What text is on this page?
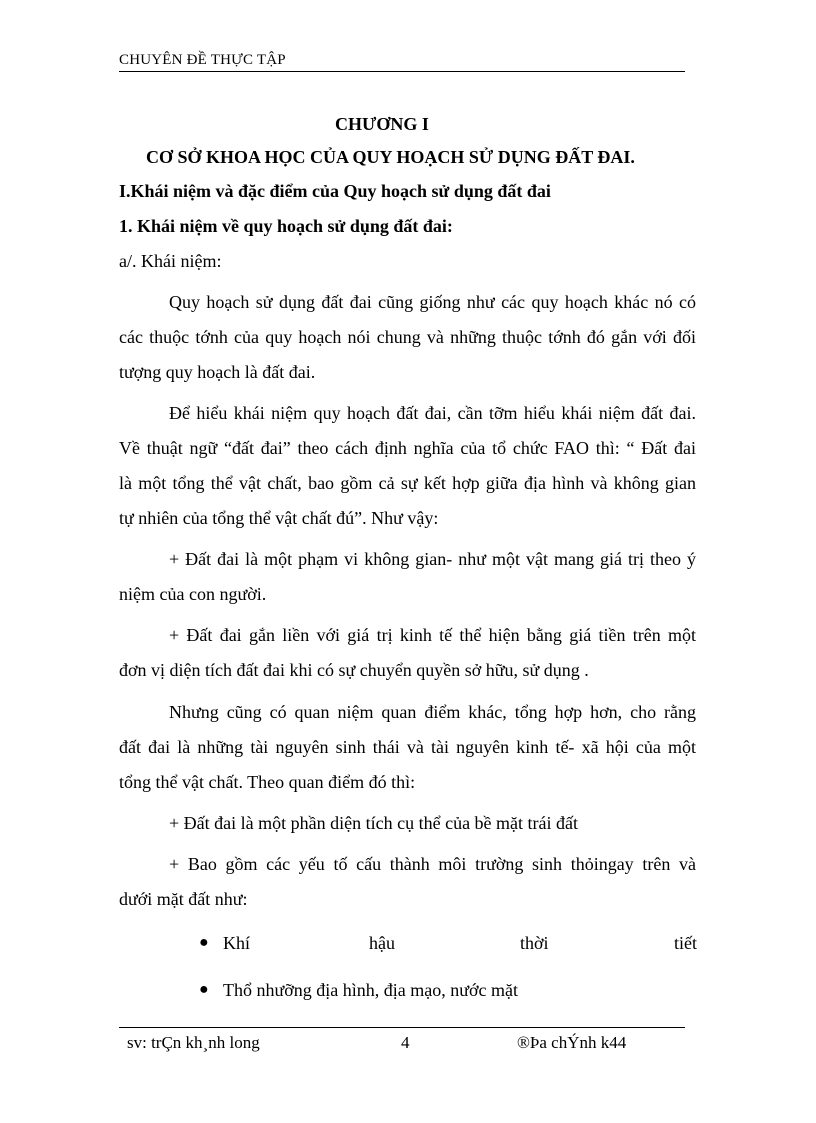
CHUYÊN ĐỀ THỰC TẬP
CHƯƠNG I
CƠ SỞ KHOA HỌC CỦA QUY HOẠCH SỬ DỤNG ĐẤT ĐAI.
I.Khái niệm và đặc điểm của Quy hoạch sử dụng đất đai
1. Khái niệm về quy hoạch sử dụng đất đai:
a/. Khái niệm:
Quy hoạch sử dụng đất đai cũng giống như các quy hoạch khác nó có
các thuộc tớnh của quy hoạch nói chung và những thuộc tớnh đó gắn với đối
tượng quy hoạch là đất đai.
Để hiểu khái niệm quy hoạch đất đai, cần tỡm hiểu khái niệm đất đai.
Về thuật ngữ “đất đai” theo cách định nghĩa của tổ chức FAO thì: “ Đất đai
là một tổng thể vật chất, bao gồm cả sự kết hợp giữa địa hình và không gian
tự nhiên của tổng thể vật chất đú”. Như vậy:
+ Đất đai là một phạm vi không gian- như một vật mang giá trị theo ý
niệm của con người.
+ Đất đai gắn liền với giá trị kinh tế thể hiện bằng giá tiền trên một
đơn vị diện tích đất đai khi có sự chuyển quyền sở hữu, sử dụng .
Nhưng cũng có quan niệm quan điểm khác, tổng hợp hơn, cho rằng
đất đai là những tài nguyên sinh thái và tài nguyên kinh tế- xã hội của một
tổng thể vật chất. Theo quan điểm đó thì:
+ Đất đai là một phần diện tích cụ thể của bề mặt trái đất
+ Bao gồm các yếu tố cấu thành môi trường sinh thỏingay trên và
dưới mặt đất như:
● Khí	hậu	thời	tiết
● Thổ nhưỡng địa hình, địa mạo, nước mặt
sv: trÇn kh¸nh long	4	®Þa chÝnh k44
